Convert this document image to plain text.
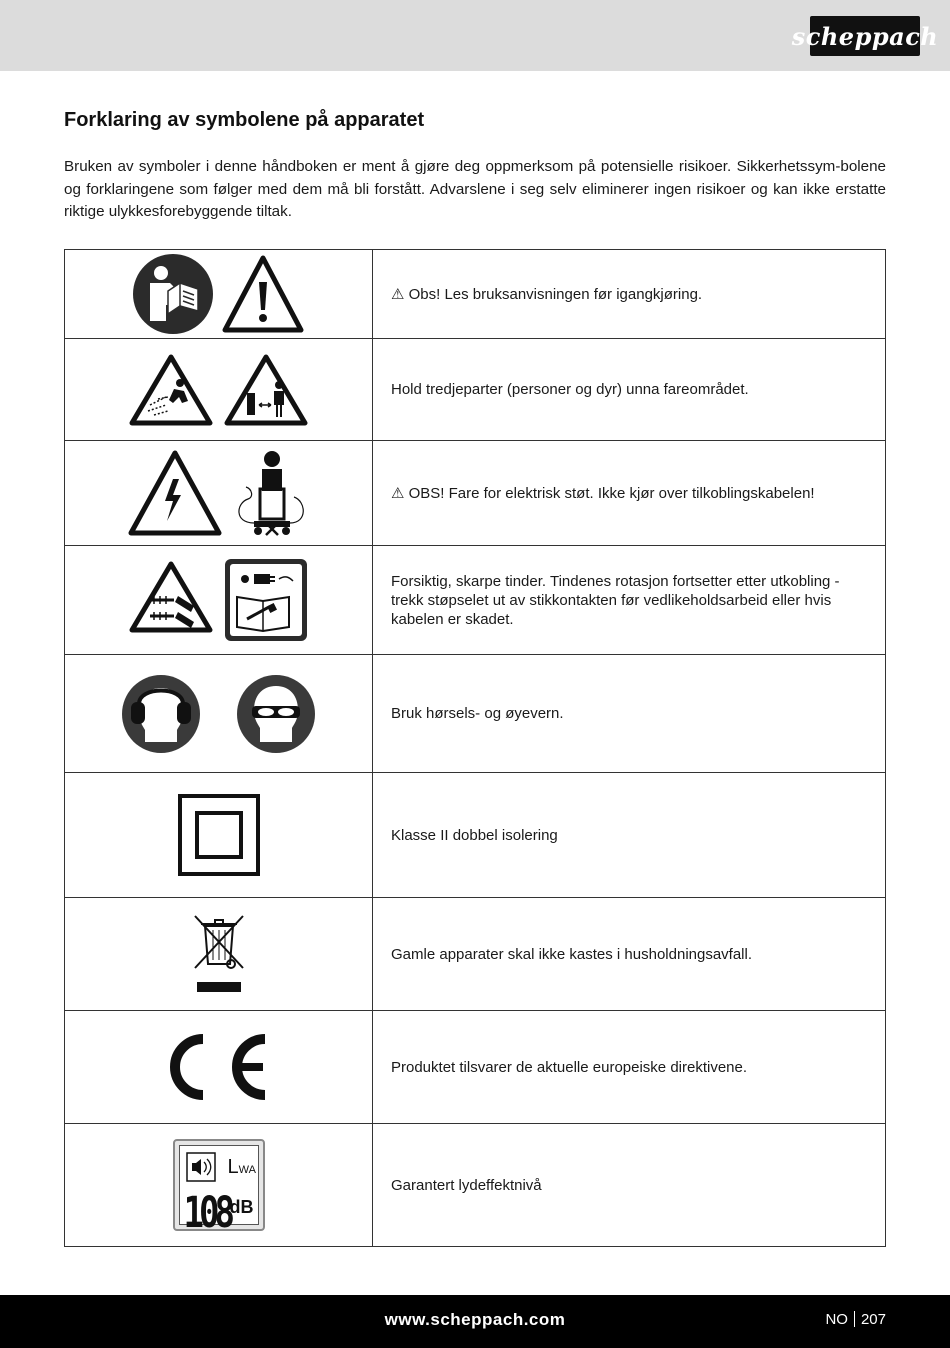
scheppach
Forklaring av symbolene på apparatet

Bruken av symboler i denne håndboken er ment å gjøre deg oppmerksom på potensielle risikoer. Sikkerhetssym-bolene og forklaringene som følger med dem må bli forstått. Advarslene i seg selv eliminerer ingen risikoer og kan ikke erstatte riktige ulykkesforebyggende tiltak.

	⚠ Obs! Les bruksanvisningen før igangkjøring.
	Hold tredjeparter (personer og dyr) unna fareområdet.
	⚠ OBS! Fare for elektrisk støt. Ikke kjør over tilkoblingskabelen!
	Forsiktig, skarpe tinder. Tindenes rotasjon fortsetter etter utkobling - trekk støpselet ut av stikkontakten før vedlikeholdsarbeid eller hvis kabelen er skadet.
	Bruk hørsels- og øyevern.
	Klasse II dobbel isolering
	Gamle apparater skal ikke kastes i husholdningsavfall.
	Produktet tilsvarer de aktuelle europeiske direktivene.

LWA
108 dB	Garantert lydeffektnivå
www.scheppach.com	NO 207
